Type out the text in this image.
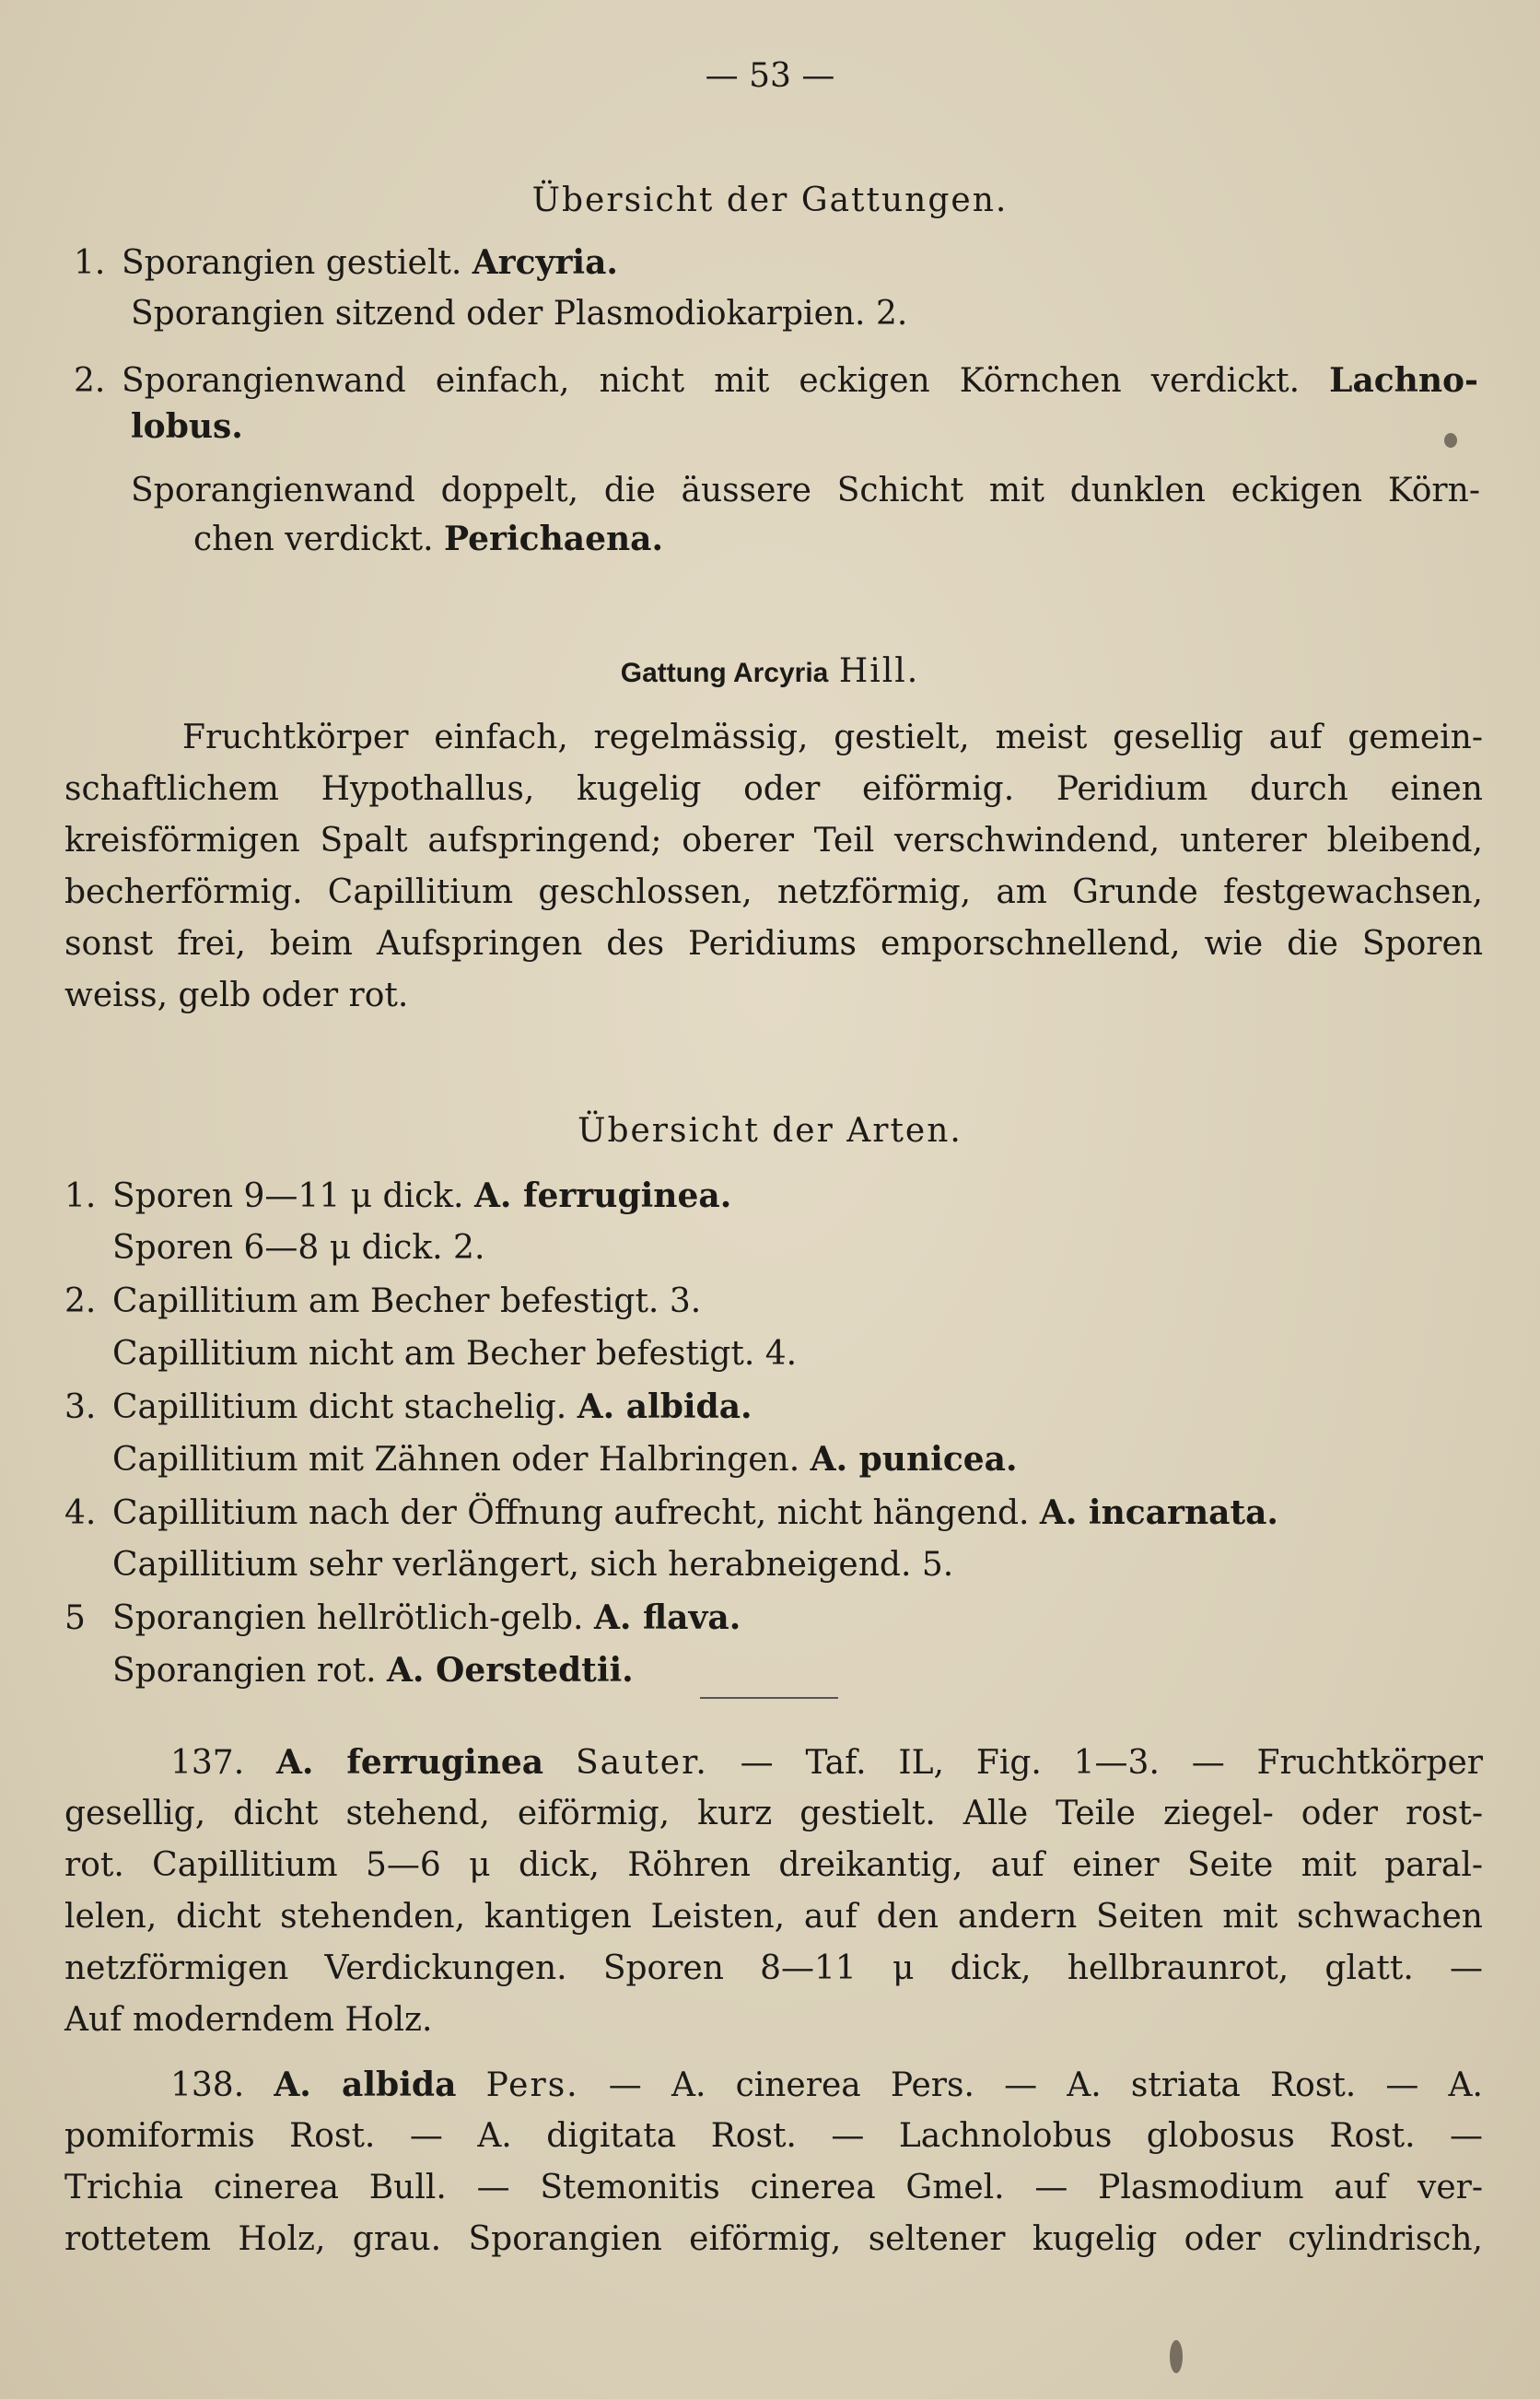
— 53 —
Übersicht der Gattungen.
1. Sporangien gestielt. Arcyria.
Sporangien sitzend oder Plasmodiokarpien. 2.
2. Sporangienwand einfach, nicht mit eckigen Körnchen verdickt. Lachno-
lobus.
Sporangienwand doppelt, die äussere Schicht mit dunklen eckigen Körn-
chen verdickt. Perichaena.
Gattung Arcyria Hill.
Fruchtkörper einfach, regelmässig, gestielt, meist gesellig auf gemein-
schaftlichem Hypothallus, kugelig oder eiförmig. Peridium durch einen
kreisförmigen Spalt aufspringend; oberer Teil verschwindend, unterer bleibend,
becherförmig. Capillitium geschlossen, netzförmig, am Grunde festgewachsen,
sonst frei, beim Aufspringen des Peridiums emporschnellend, wie die Sporen
weiss, gelb oder rot.
Übersicht der Arten.
1. Sporen 9—11 μ dick. A. ferruginea.
Sporen 6—8 μ dick. 2.
2. Capillitium am Becher befestigt. 3.
Capillitium nicht am Becher befestigt. 4.
3. Capillitium dicht stachelig. A. albida.
Capillitium mit Zähnen oder Halbringen. A. punicea.
4. Capillitium nach der Öffnung aufrecht, nicht hängend. A. incarnata.
Capillitium sehr verlängert, sich herabneigend. 5.
5 Sporangien hellrötlich-gelb. A. flava.
Sporangien rot. A. Oerstedtii.
137. A. ferruginea Sauter. — Taf. IL, Fig. 1—3. — Fruchtkörper
gesellig, dicht stehend, eiförmig, kurz gestielt. Alle Teile ziegel- oder rost-
rot. Capillitium 5—6 μ dick, Röhren dreikantig, auf einer Seite mit paral-
lelen, dicht stehenden, kantigen Leisten, auf den andern Seiten mit schwachen
netzförmigen Verdickungen. Sporen 8—11 μ dick, hellbraunrot, glatt. —
Auf moderndem Holz.
138. A. albida Pers. — A. cinerea Pers. — A. striata Rost. — A.
pomiformis Rost. — A. digitata Rost. — Lachnolobus globosus Rost. —
Trichia cinerea Bull. — Stemonitis cinerea Gmel. — Plasmodium auf ver-
rottetem Holz, grau. Sporangien eiförmig, seltener kugelig oder cylindrisch,
